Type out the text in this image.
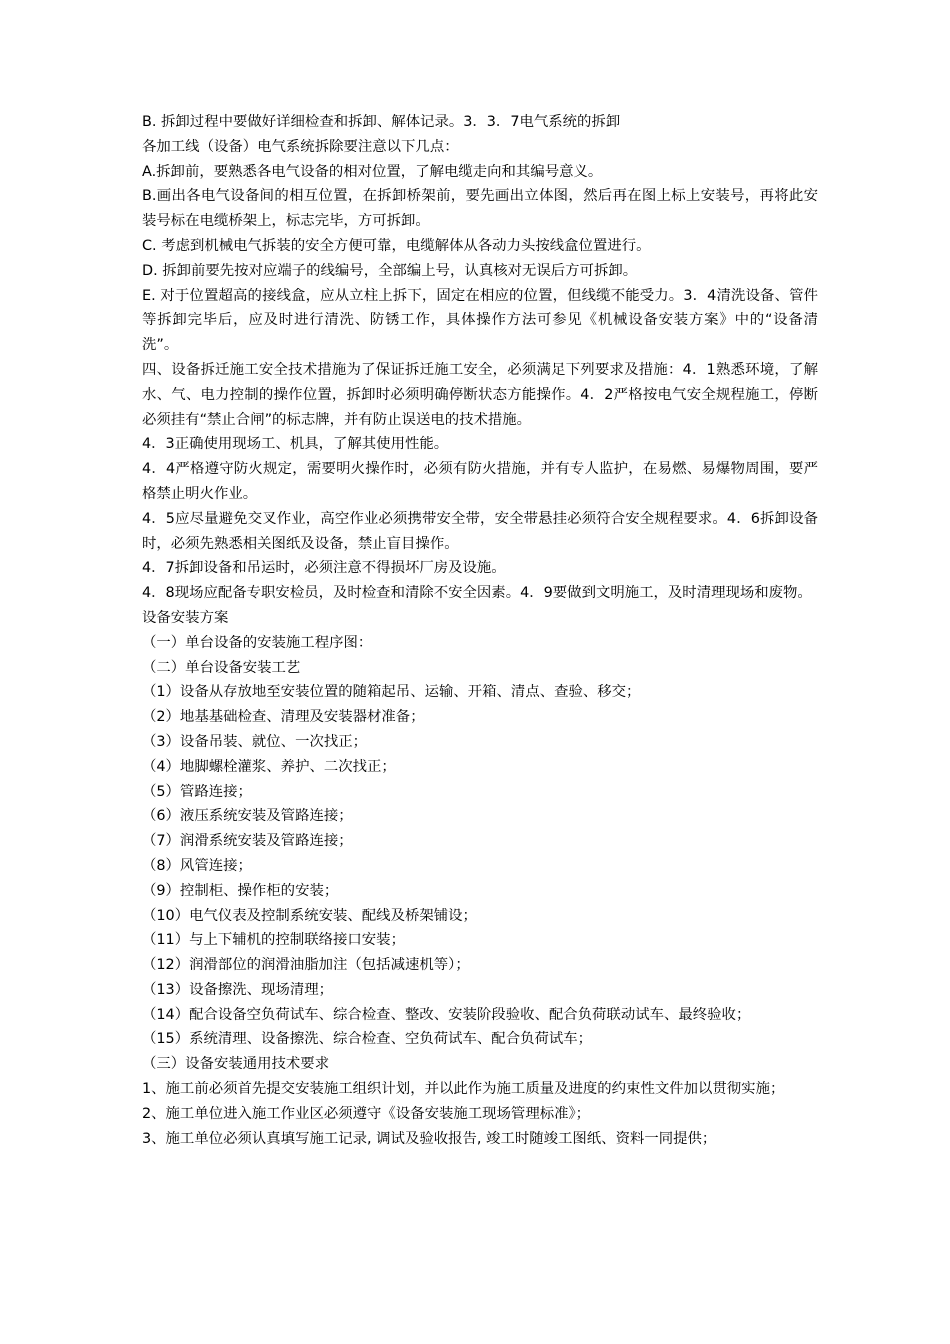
B. 拆卸过程中要做好详细检查和拆卸、解体记录。3．3．7电气系统的拆卸

各加工线（设备）电气系统拆除要注意以下几点：

A.拆卸前，要熟悉各电气设备的相对位置，了解电缆走向和其编号意义。

B.画出各电气设备间的相互位置，在拆卸桥架前，要先画出立体图，然后再在图上标上安装号，再将此安装号标在电缆桥架上，标志完毕，方可拆卸。

C. 考虑到机械电气拆装的安全方便可靠，电缆解体从各动力头按线盒位置进行。

D. 拆卸前要先按对应端子的线编号，全部编上号，认真核对无误后方可拆卸。

E. 对于位置超高的接线盒，应从立柱上拆下，固定在相应的位置，但线缆不能受力。3．4清洗设备、管件等拆卸完毕后，应及时进行清洗、防锈工作，具体操作方法可参见《机械设备安装方案》中的“设备清洗”。

四、设备拆迁施工安全技术措施为了保证拆迁施工安全，必须满足下列要求及措施：4．1熟悉环境，了解水、气、电力控制的操作位置，拆卸时必须明确停断状态方能操作。4．2严格按电气安全规程施工，停断必须挂有“禁止合闸”的标志牌，并有防止误送电的技术措施。

4．3正确使用现场工、机具，了解其使用性能。

4．4严格遵守防火规定，需要明火操作时，必须有防火措施，并有专人监护，在易燃、易爆物周围，要严格禁止明火作业。

4．5应尽量避免交叉作业，高空作业必须携带安全带，安全带悬挂必须符合安全规程要求。4．6拆卸设备时，必须先熟悉相关图纸及设备，禁止盲目操作。

4．7拆卸设备和吊运时，必须注意不得损坏厂房及设施。

4．8现场应配备专职安检员，及时检查和清除不安全因素。4．9要做到文明施工，及时清理现场和废物。

设备安装方案

（一）单台设备的安装施工程序图：

（二）单台设备安装工艺

（1）设备从存放地至安装位置的随箱起吊、运输、开箱、清点、查验、移交；

（2）地基基础检查、清理及安装器材准备；

（3）设备吊装、就位、一次找正；

（4）地脚螺栓灌浆、养护、二次找正；

（5）管路连接；

（6）液压系统安装及管路连接；

（7）润滑系统安装及管路连接；

（8）风管连接；

（9）控制柜、操作柜的安装；

（10）电气仪表及控制系统安装、配线及桥架铺设；

（11）与上下辅机的控制联络接口安装；

（12）润滑部位的润滑油脂加注（包括减速机等）；

（13）设备擦洗、现场清理；

（14）配合设备空负荷试车、综合检查、整改、安装阶段验收、配合负荷联动试车、最终验收；

（15）系统清理、设备擦洗、综合检查、空负荷试车、配合负荷试车；

（三）设备安装通用技术要求

1、施工前必须首先提交安装施工组织计划，并以此作为施工质量及进度的约束性文件加以贯彻实施；

2、施工单位进入施工作业区必须遵守《设备安装施工现场管理标准》；

3、施工单位必须认真填写施工记录, 调试及验收报告, 竣工时随竣工图纸、资料一同提供；
